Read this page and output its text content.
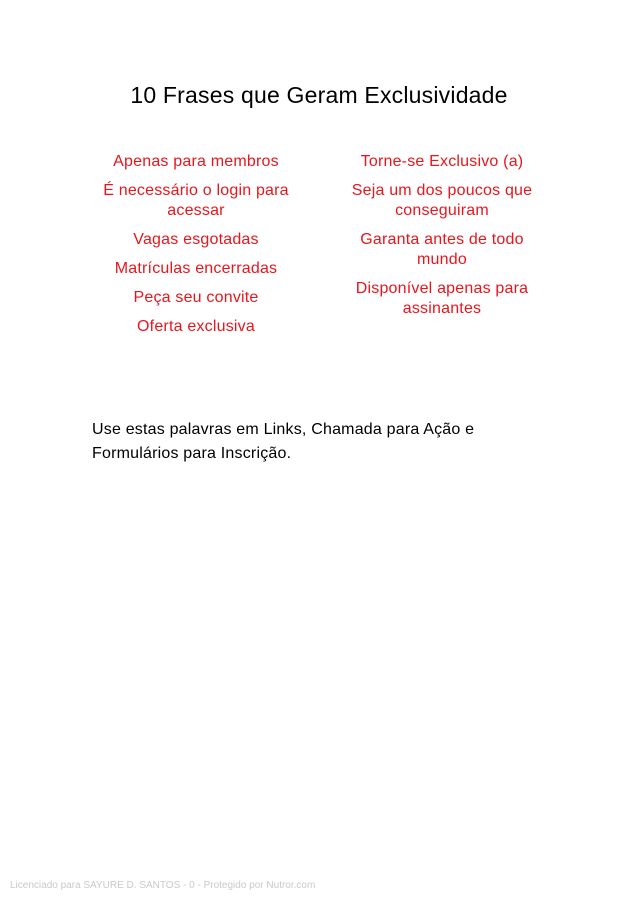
10 Frases que Geram Exclusividade
Apenas para membros
É necessário o login para acessar
Vagas esgotadas
Matrículas encerradas
Peça seu convite
Oferta exclusiva
Torne-se Exclusivo (a)
Seja um dos poucos que conseguiram
Garanta antes de todo mundo
Disponível apenas para assinantes

Use estas palavras em Links, Chamada para Ação e Formulários para Inscrição.

Licenciado para SAYURE D. SANTOS - 0 - Protegido por Nutror.com
